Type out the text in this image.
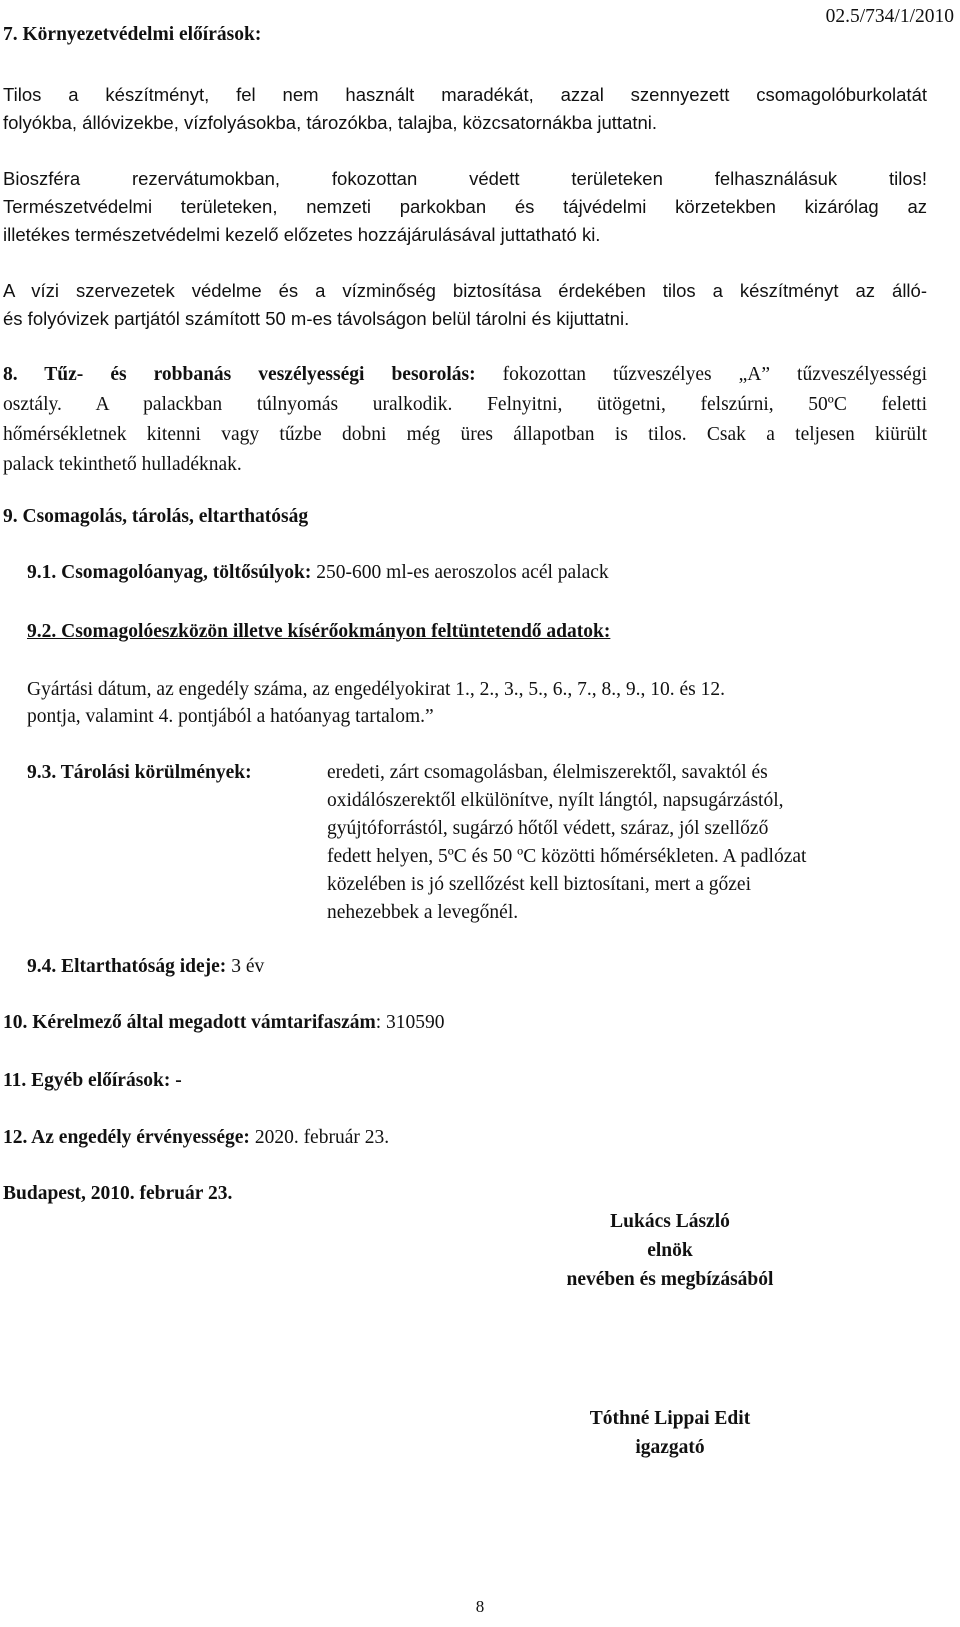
7. Környezetvédelmi előírások:
02.5/734/1/2010
Tilos a készítményt, fel nem használt maradékát, azzal szennyezett csomagolóburkolatát
folyókba, állóvizekbe, vízfolyásokba, tározókba, talajba, közcsatornákba juttatni.
Bioszféra rezervátumokban, fokozottan védett területeken felhasználásuk tilos!
Természetvédelmi területeken, nemzeti parkokban és tájvédelmi körzetekben kizárólag az
illetékes természetvédelmi kezelő előzetes hozzájárulásával juttatható ki.
A vízi szervezetek védelme és a vízminőség biztosítása érdekében tilos a készítményt az álló-
és folyóvizek partjától számított 50 m-es távolságon belül tárolni és kijuttatni.
8. Tűz- és robbanás veszélyességi besorolás: fokozottan tűzveszélyes „A” tűzveszélyességi
osztály. A palackban túlnyomás uralkodik. Felnyitni, ütögetni, felszúrni, 50ºC feletti
hőmérsékletnek kitenni vagy tűzbe dobni még üres állapotban is tilos. Csak a teljesen kiürült
palack tekinthető hulladéknak.
9. Csomagolás, tárolás, eltarthatóság
9.1. Csomagolóanyag, töltősúlyok: 250-600 ml-es aeroszolos acél palack
9.2. Csomagolóeszközön illetve kísérőokmányon feltüntetendő adatok:
Gyártási dátum, az engedély száma, az engedélyokirat 1., 2., 3., 5., 6., 7., 8., 9., 10. és 12.
pontja, valamint 4. pontjából a hatóanyag tartalom.”
9.3. Tárolási körülmények:	eredeti, zárt csomagolásban, élelmiszerektől, savaktól és
oxidálószerektől elkülönítve, nyílt lángtól, napsugárzástól,
gyújtóforrástól, sugárzó hőtől védett, száraz, jól szellőző
fedett helyen, 5ºC és 50 ºC közötti hőmérsékleten. A padlózat
közelében is jó szellőzést kell biztosítani, mert a gőzei
nehezebbek a levegőnél.
9.4. Eltarthatóság ideje: 3 év
10. Kérelmező által megadott vámtarifaszám: 310590
11. Egyéb előírások: -
12. Az engedély érvényessége: 2020. február 23.
Budapest, 2010. február 23.
Lukács László
elnök
nevében és megbízásából
Tóthné Lippai Edit
igazgató
8
